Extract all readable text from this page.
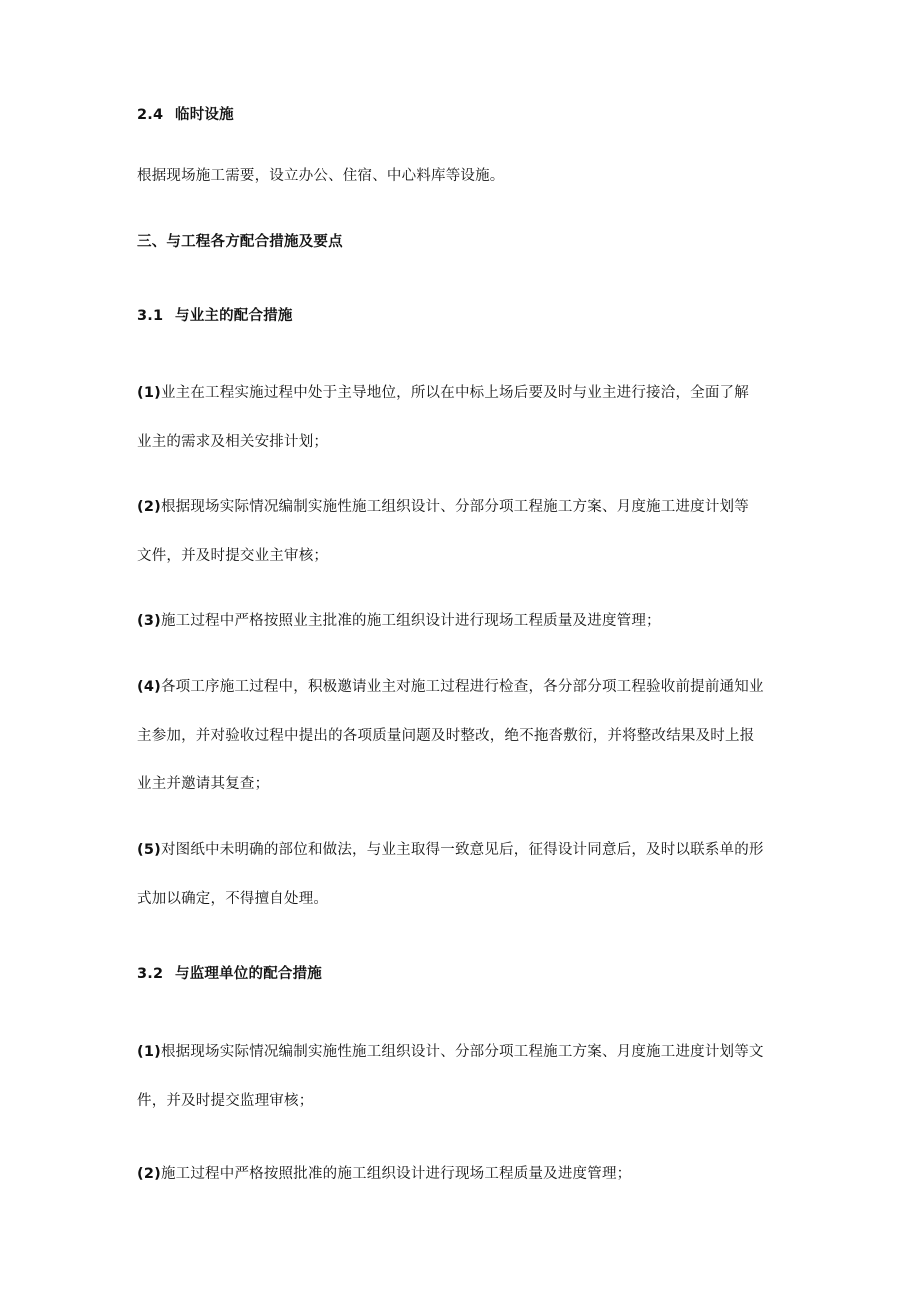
2.4 临时设施
根据现场施工需要，设立办公、住宿、中心料库等设施。
三、与工程各方配合措施及要点
3.1 与业主的配合措施
(1)业主在工程实施过程中处于主导地位，所以在中标上场后要及时与业主进行接洽，全面了解
业主的需求及相关安排计划；
(2)根据现场实际情况编制实施性施工组织设计、分部分项工程施工方案、月度施工进度计划等
文件，并及时提交业主审核；
(3)施工过程中严格按照业主批准的施工组织设计进行现场工程质量及进度管理；
(4)各项工序施工过程中，积极邀请业主对施工过程进行检查，各分部分项工程验收前提前通知业
主参加，并对验收过程中提出的各项质量问题及时整改，绝不拖沓敷衍，并将整改结果及时上报
业主并邀请其复查；
(5)对图纸中未明确的部位和做法，与业主取得一致意见后，征得设计同意后，及时以联系单的形
式加以确定，不得擅自处理。
3.2 与监理单位的配合措施
(1)根据现场实际情况编制实施性施工组织设计、分部分项工程施工方案、月度施工进度计划等文
件，并及时提交监理审核；
(2)施工过程中严格按照批准的施工组织设计进行现场工程质量及进度管理；
